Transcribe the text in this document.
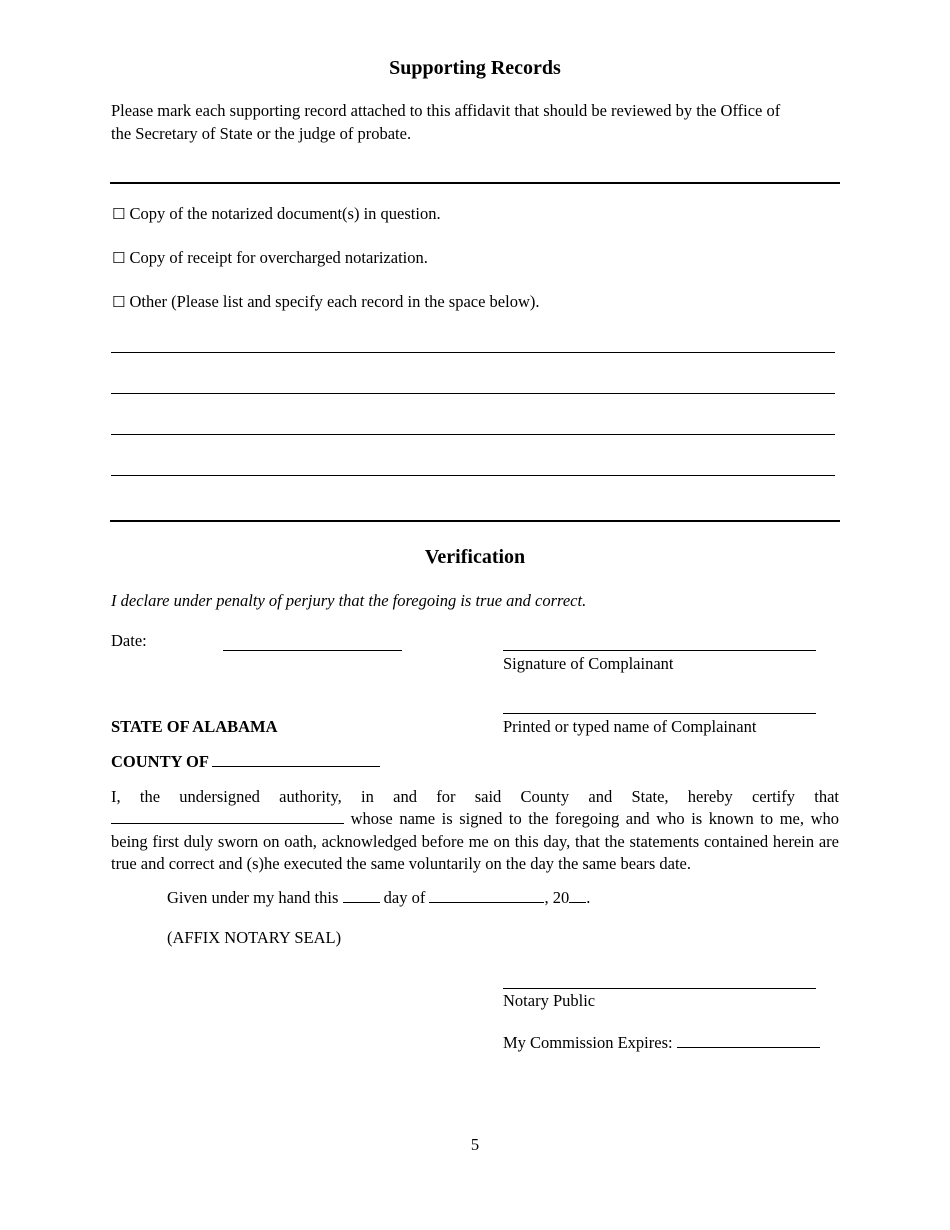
Supporting Records
Please mark each supporting record attached to this affidavit that should be reviewed by the Office of
the Secretary of State or the judge of probate.
☐ Copy of the notarized document(s) in question.
☐ Copy of receipt for overcharged notarization.
☐ Other (Please list and specify each record in the space below).
Verification
I declare under penalty of perjury that the foregoing is true and correct.
Date:
Signature of Complainant
Printed or typed name of Complainant
STATE OF ALABAMA
COUNTY OF
I, the undersigned authority, in and for said County and State, hereby certify that  whose name is signed to the foregoing and who is known to me, who being first duly sworn on oath, acknowledged before me on this day, that the statements contained herein are true and correct and (s)he executed the same voluntarily on the day the same bears date.
Given under my hand this	day of	, 20 .
(AFFIX NOTARY SEAL)
Notary Public
My Commission Expires:
5
